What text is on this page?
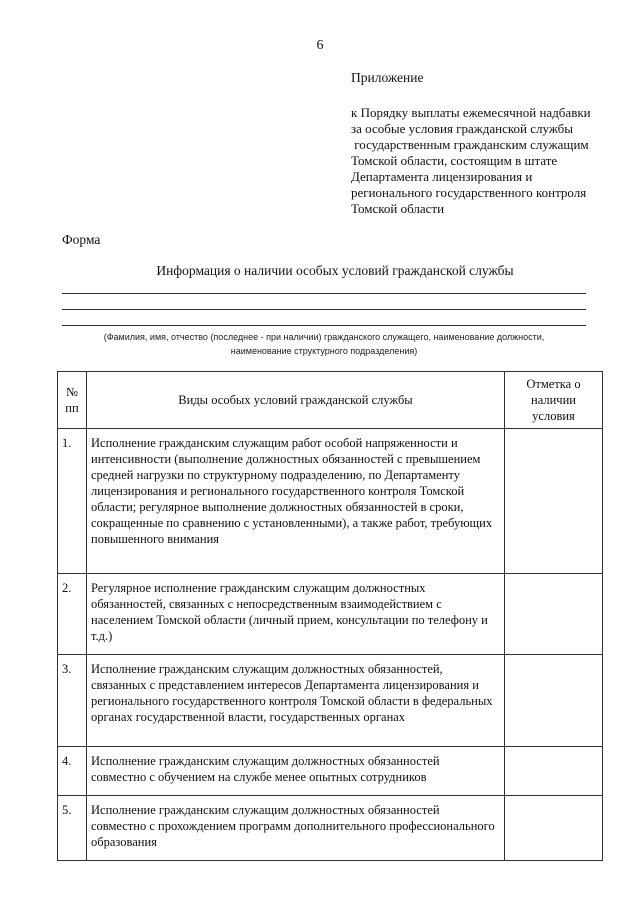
6
Приложение
к Порядку выплаты ежемесячной надбавки
за особые условия гражданской службы
государственным гражданским служащим
Томской области, состоящим в штате
Департамента лицензирования и
регионального государственного контроля
Томской области
Форма
Информация о наличии особых условий гражданской службы
(Фамилия, имя, отчество (последнее - при наличии) гражданского служащего, наименование должности,
наименование структурного подразделения)
№
пп	Виды особых условий гражданской службы	Отметка о наличии условия
1.	Исполнение гражданским служащим работ особой напряженности и интенсивности (выполнение должностных обязанностей с превышением средней нагрузки по структурному подразделению, по Департаменту лицензирования и регионального государственного контроля Томской области; регулярное выполнение должностных обязанностей в сроки, сокращенные по сравнению с установленными), а также работ, требующих повышенного внимания	
2.	Регулярное исполнение гражданским служащим должностных обязанностей, связанных с непосредственным взаимодействием с населением Томской области (личный прием, консультации по телефону и т.д.)	
3.	Исполнение гражданским служащим должностных обязанностей, связанных с представлением интересов Департамента лицензирования и регионального государственного контроля Томской области в федеральных органах государственной власти, государственных органах	
4.	Исполнение гражданским служащим должностных обязанностей совместно с обучением на службе менее опытных сотрудников	
5.	Исполнение гражданским служащим должностных обязанностей совместно с прохождением программ дополнительного профессионального образования	
